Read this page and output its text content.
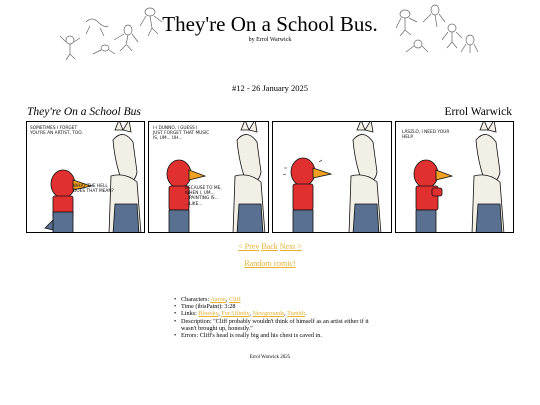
They're On a School Bus.
by Errol Warwick
#12 - 26 January 2025
They're On a School Bus	Errol Warwick
SOMETIMES I FORGET
YOU'RE AN ARTIST, TOO.
WHAT THE HELL
DOES THAT MEAN?
I-I DUNNO, I GUESS I
JUST FORGET THAT MUSIC
IS, UM... UH...
BECAUSE TO ME,
WHEN I, UM...
...PAINTING IS...
...LIKE...
LÁSZLÓ, I NEED YOUR
HELP.
< Prev Back Next >
Random comic!
• Characters: Aaron, Cliff
• Time (ibisPaint): 3:28
• Links: Bluesky, FurAffinity, Newgrounds, Tumblr.
• Description: "Cliff probably wouldn't think of himself as an artist either if it wasn't brought up, honestly."
• Errors: Cliff's head is really big and his chest is caved in.
Errol Warwick 2025
